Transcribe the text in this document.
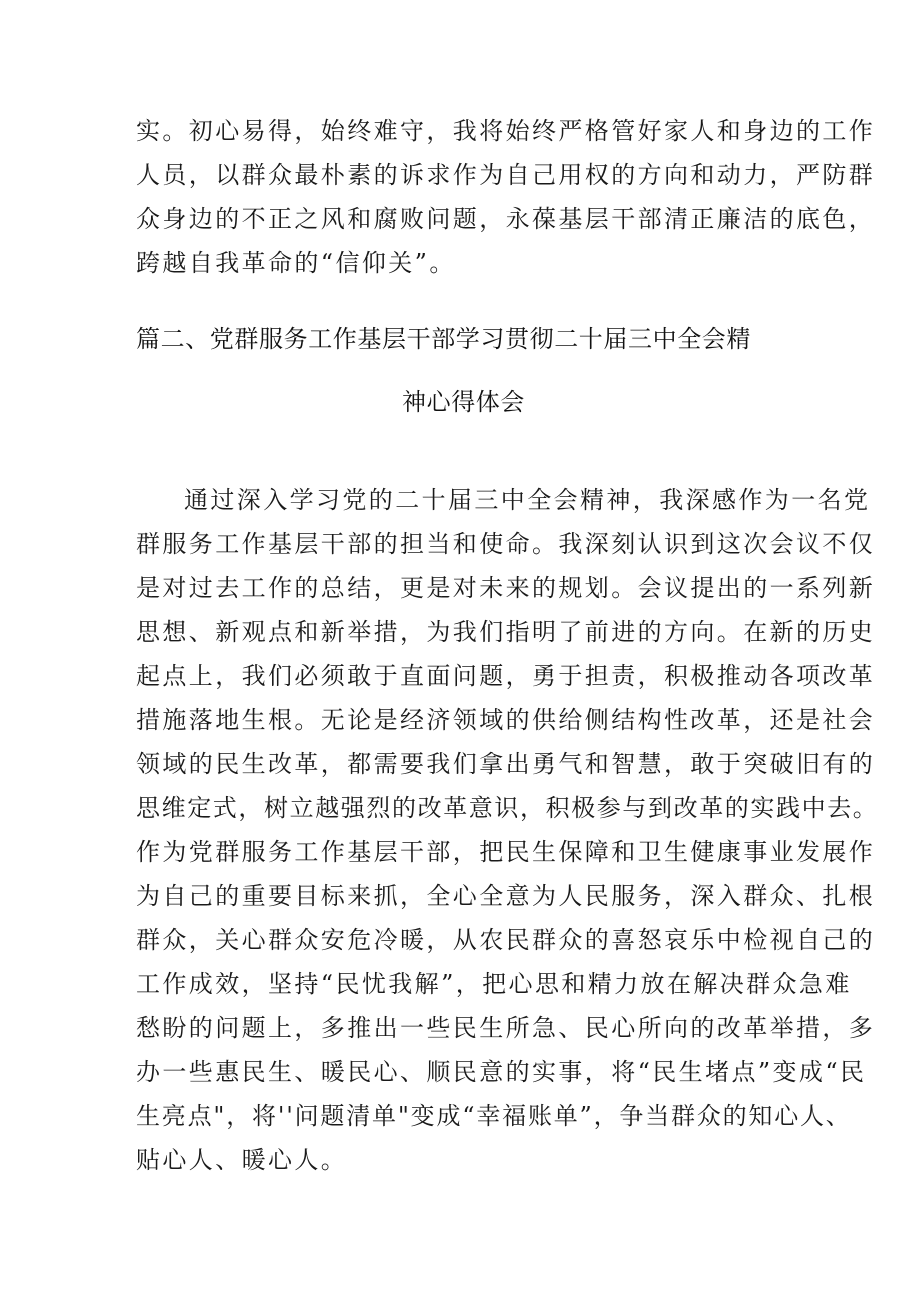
实。初心易得，始终难守，我将始终严格管好家人和身边的工作
人员，以群众最朴素的诉求作为自己用权的方向和动力，严防群
众身边的不正之风和腐败问题，永葆基层干部清正廉洁的底色，
跨越自我革命的“信仰关”。
篇二、党群服务工作基层干部学习贯彻二十届三中全会精
神心得体会
通过深入学习党的二十届三中全会精神，我深感作为一名党
群服务工作基层干部的担当和使命。我深刻认识到这次会议不仅
是对过去工作的总结，更是对未来的规划。会议提出的一系列新
思想、新观点和新举措，为我们指明了前进的方向。在新的历史
起点上，我们必须敢于直面问题，勇于担责，积极推动各项改革
措施落地生根。无论是经济领域的供给侧结构性改革，还是社会
领域的民生改革，都需要我们拿出勇气和智慧，敢于突破旧有的
思维定式，树立越强烈的改革意识，积极参与到改革的实践中去。
作为党群服务工作基层干部，把民生保障和卫生健康事业发展作
为自己的重要目标来抓，全心全意为人民服务，深入群众、扎根
群众，关心群众安危冷暖，从农民群众的喜怒哀乐中检视自己的
工作成效，坚持“民忧我解”，把心思和精力放在解决群众急难
愁盼的问题上，多推出一些民生所急、民心所向的改革举措，多
办一些惠民生、暖民心、顺民意的实事，将“民生堵点”变成“民
生亮点"，将''问题清单"变成“幸福账单”，争当群众的知心人、
贴心人、暖心人。
